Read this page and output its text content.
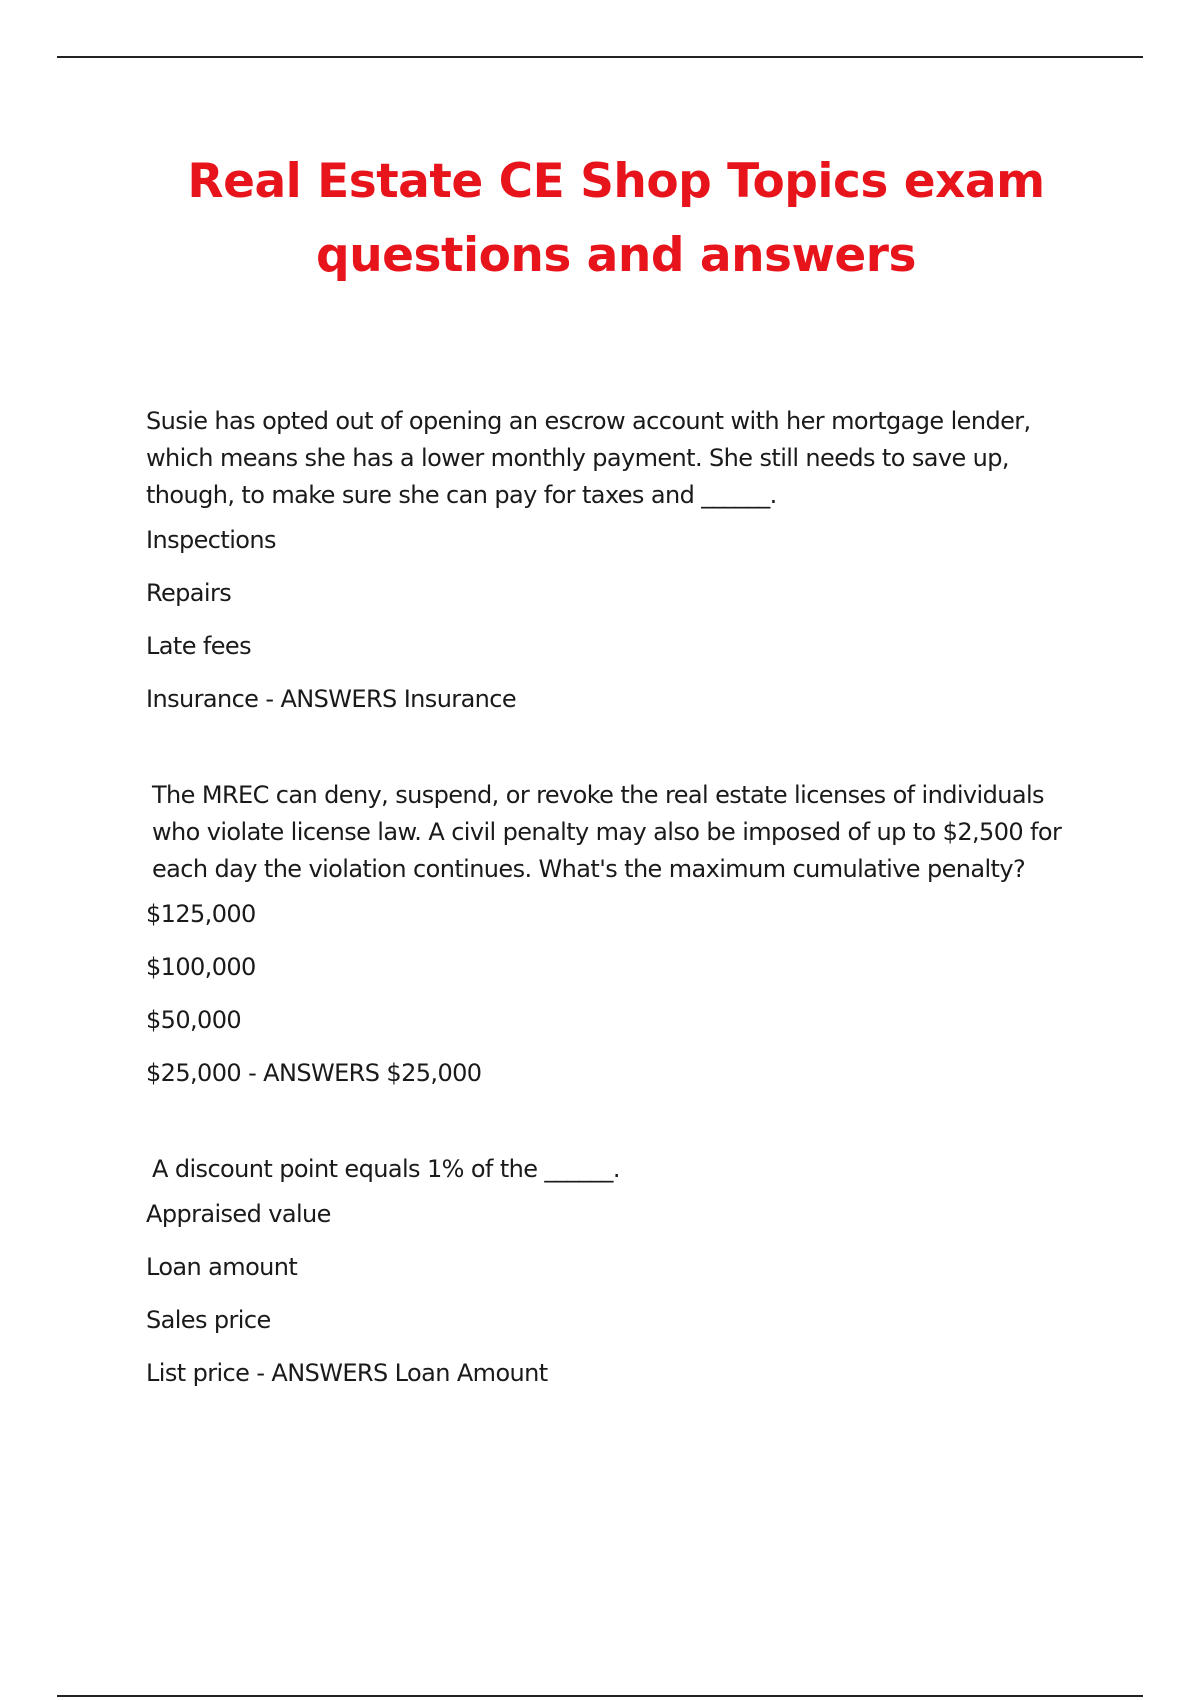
Real Estate CE Shop Topics exam questions and answers

Susie has opted out of opening an escrow account with her mortgage lender, which means she has a lower monthly payment. She still needs to save up, though, to make sure she can pay for taxes and ______.

Inspections

Repairs

Late fees

Insurance - ANSWERS Insurance

The MREC can deny, suspend, or revoke the real estate licenses of individuals who violate license law. A civil penalty may also be imposed of up to $2,500 for each day the violation continues. What's the maximum cumulative penalty?

$125,000

$100,000

$50,000

$25,000 - ANSWERS $25,000

A discount point equals 1% of the ______.

Appraised value

Loan amount

Sales price

List price - ANSWERS Loan Amount
